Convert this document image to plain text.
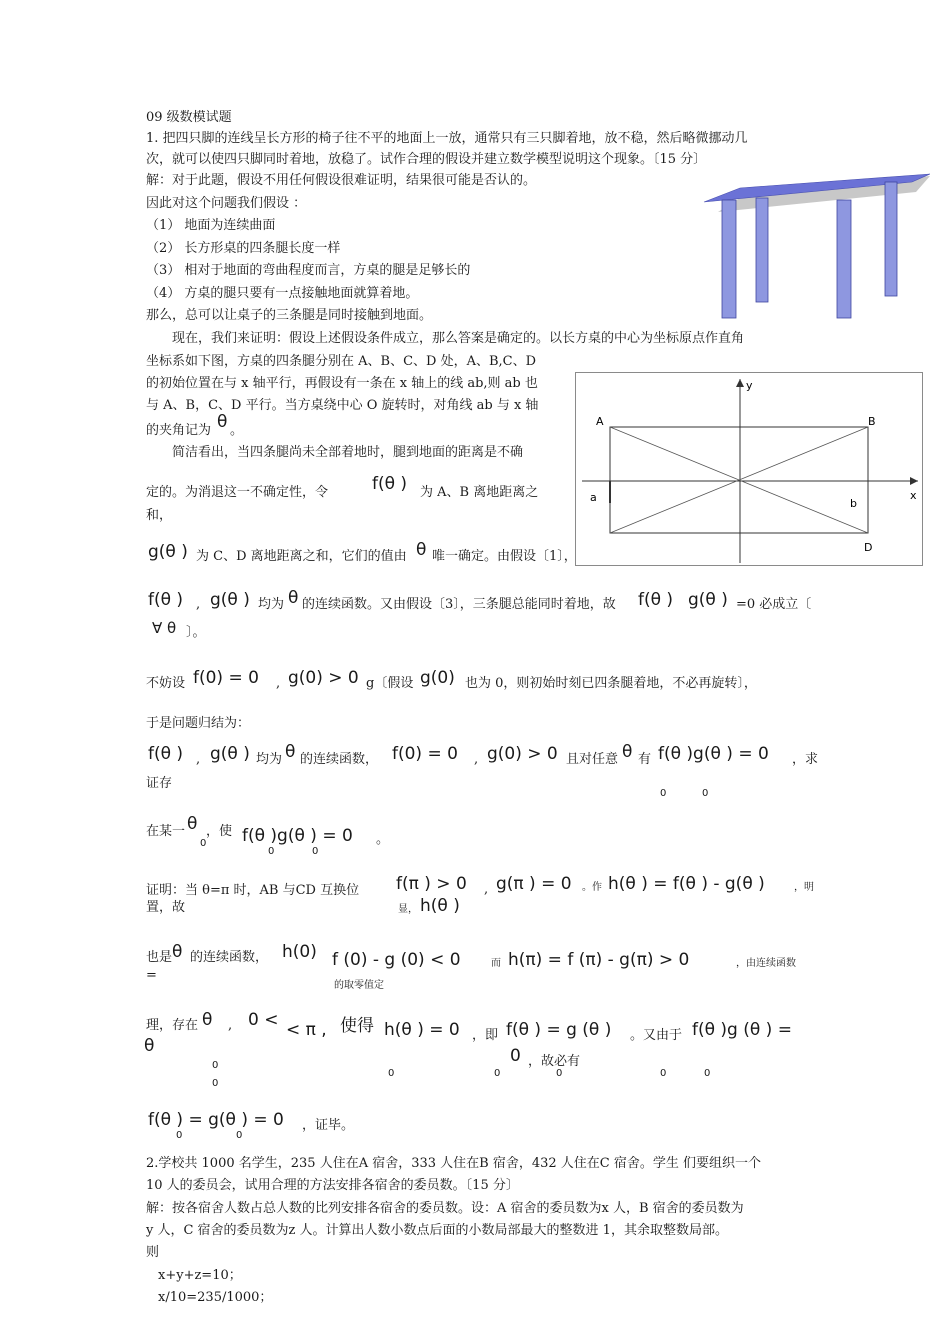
09 级数模试题
1. 把四只脚的连线呈长方形的椅子往不平的地面上一放，通常只有三只脚着地，放不稳，然后略微挪动几
次，就可以使四只脚同时着地，放稳了。试作合理的假设并建立数学模型说明这个现象。〔15 分〕
解：对于此题，假设不用任何假设很难证明，结果很可能是否认的。
因此对这个问题我们假设 ：
（1） 地面为连续曲面
（2） 长方形桌的四条腿长度一样
（3） 相对于地面的弯曲程度而言，方桌的腿是足够长的
（4） 方桌的腿只要有一点接触地面就算着地。
那么，总可以让桌子的三条腿是同时接触到地面。
现在，我们来证明：假设上述假设条件成立，那么答案是确定的。以长方桌的中心为坐标原点作直角
坐标系如下图，方桌的四条腿分别在 A、B、C、D 处，A、B,C、D
的初始位置在与 x 轴平行，再假设有一条在 x 轴上的线 ab,则 ab 也
与 A、B，C、D 平行。当方桌绕中心 O 旋转时，对角线 ab 与 x 轴
的夹角记为 θ 。
简洁看出，当四条腿尚未全部着地时，腿到地面的距离是不确
定的。为消退这一不确定性，令	f(θ ) 为 A、B 离地距离之
和，
g(θ ) 为 C、D 离地距离之和，它们的值由 θ 唯一确定。由假设〔1〕，C
f(θ ) , g(θ ) 均为 θ 的连续函数。又由假设〔3〕，三条腿总能同时着地，故 f(θ ) g(θ ) =0 必成立〔
∀ θ 〕。
不妨设 f(0) = 0 , g(0) > 0 g〔假设 g(0) 也为 0，则初始时刻已四条腿着地，不必再旋转〕，
于是问题归结为：
f(θ ) , g(θ ) 均为 θ 的连续函数， f(0) = 0 , g(0) > 0 且对任意 θ 有 f(θ )g(θ ) = 0 ，求
证存
0	0
在某一 θ
0
，使 f(θ )g(θ ) = 0
0	0
。
证明：当 θ=π 时，AB 与CD 互换位
置，故
f(π ) > 0 , g(π ) = 0 。作 h(θ ) = f(θ ) - g(θ )	，明
显， h(θ )
也是
=
θ 的连续函数， h(0) f (0) - g (0) < 0	而 h(π) = f (π) - g(π) > 0	，由连续函数
的取零值定
理，存在 θ ,
θ
0
0
0 < < π , 使得 h(θ ) = 0
0
，即 f(θ ) = g (θ )
0
0	0
，故必有
。又由于 f(θ )g (θ ) =
0	0
f(θ ) = g(θ ) = 0
0	0
，证毕。
2.学校共 1000 名学生，235 人住在A 宿舍，333 人住在B 宿舍，432 人住在C 宿舍。学生 们要组织一个
10 人的委员会，试用合理的方法安排各宿舍的委员数。〔15 分〕
解：按各宿舍人数占总人数的比列安排各宿舍的委员数。设：A 宿舍的委员数为x 人，B 宿舍的委员数为
y 人，C 宿舍的委员数为z 人。计算出人数小数点后面的小数局部最大的整数进 1，其余取整数局部。
则
x+y+z=10；
x/10=235/1000；
y
x
A	B
D
a	b
